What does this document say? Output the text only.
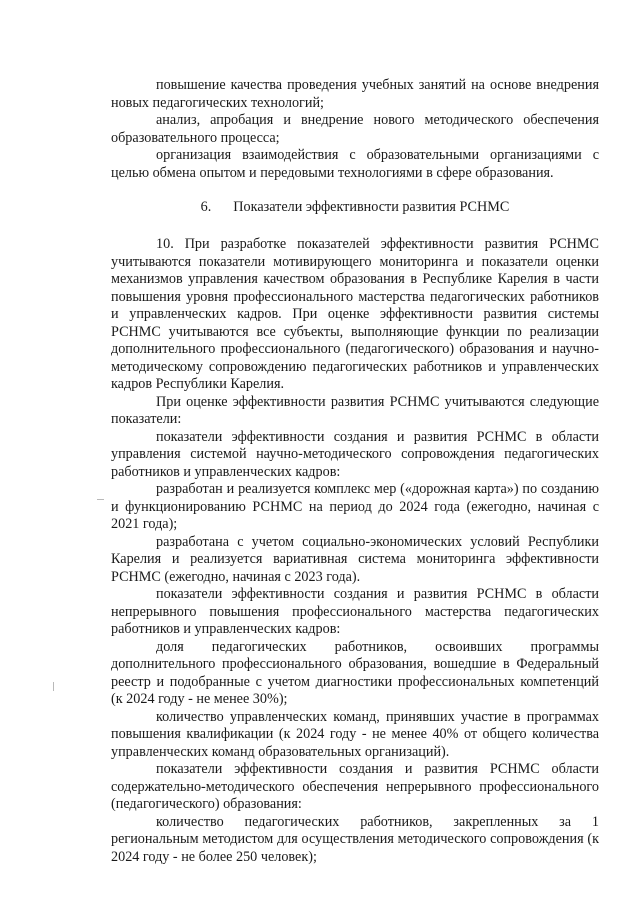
повышение качества проведения учебных занятий на основе внедрения новых педагогических технологий;

анализ, апробация и внедрение нового методического обеспечения образовательного процесса;

организация взаимодействия с образовательными организациями с целью обмена опытом и передовыми технологиями в сфере образования.

6. Показатели эффективности развития РСНМС

10. При разработке показателей эффективности развития РСНМС учитываются показатели мотивирующего мониторинга и показатели оценки механизмов управления качеством образования в Республике Карелия в части повышения уровня профессионального мастерства педагогических работников и управленческих кадров. При оценке эффективности развития системы РСНМС учитываются все субъекты, выполняющие функции по реализации дополнительного профессионального (педагогического) образования и научно-методическому сопровождению педагогических работников и управленческих кадров Республики Карелия.

При оценке эффективности развития РСНМС учитываются следующие показатели:

показатели эффективности создания и развития РСНМС в области управления системой научно-методического сопровождения педагогических работников и управленческих кадров:

разработан и реализуется комплекс мер («дорожная карта») по созданию и функционированию РСНМС на период до 2024 года (ежегодно, начиная с 2021 года);

разработана с учетом социально-экономических условий Республики Карелия и реализуется вариативная система мониторинга эффективности РСНМС (ежегодно, начиная с 2023 года).

показатели эффективности создания и развития РСНМС в области непрерывного повышения профессионального мастерства педагогических работников и управленческих кадров:

доля педагогических работников, освоивших программы дополнительного профессионального образования, вошедшие в Федеральный реестр и подобранные с учетом диагностики профессиональных компетенций (к 2024 году - не менее 30%);

количество управленческих команд, принявших участие в программах повышения квалификации (к 2024 году - не менее 40% от общего количества управленческих команд образовательных организаций).

показатели эффективности создания и развития РСНМС области содержательно-методического обеспечения непрерывного профессионального (педагогического) образования:

количество педагогических работников, закрепленных за 1 региональным методистом для осуществления методического сопровождения (к 2024 году - не более 250 человек);
